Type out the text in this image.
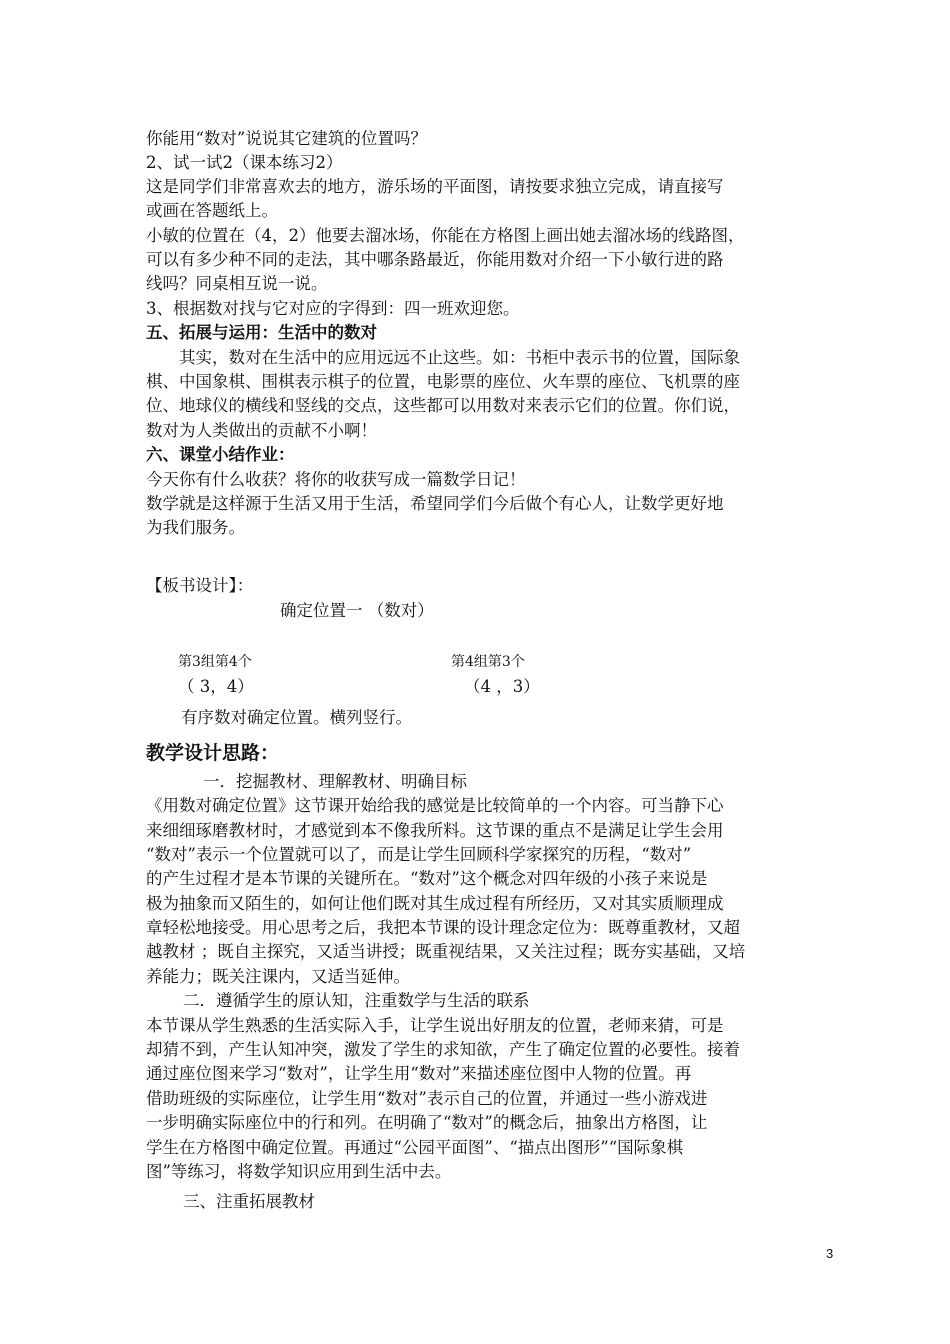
你能用“数对”说说其它建筑的位置吗？
2、试一试2（课本练习2）
这是同学们非常喜欢去的地方，游乐场的平面图，请按要求独立完成，请直接写
或画在答题纸上。
小敏的位置在（4，2）他要去溜冰场，你能在方格图上画出她去溜冰场的线路图，
可以有多少种不同的走法，其中哪条路最近，你能用数对介绍一下小敏行进的路
线吗？同桌相互说一说。
3、根据数对找与它对应的字得到：四一班欢迎您。
五、拓展与运用：生活中的数对
其实，数对在生活中的应用远远不止这些。如：书柜中表示书的位置，国际象
棋、中国象棋、围棋表示棋子的位置，电影票的座位、火车票的座位、飞机票的座
位、地球仪的横线和竖线的交点，这些都可以用数对来表示它们的位置。你们说，
数对为人类做出的贡献不小啊！
六、课堂小结作业：
今天你有什么收获？将你的收获写成一篇数学日记！
数学就是这样源于生活又用于生活，希望同学们今后做个有心人，让数学更好地
为我们服务。
【板书设计】：
确定位置一 （数对）
第3组第4个	第4组第3个
（ 3，4）	（4 ，3）
有序数对确定位置。横列竖行。
教学设计思路：
一．挖掘教材、理解教材、明确目标
《用数对确定位置》这节课开始给我的感觉是比较简单的一个内容。可当静下心
来细细琢磨教材时，才感觉到本不像我所料。这节课的重点不是满足让学生会用
“数对”表示一个位置就可以了，而是让学生回顾科学家探究的历程，“数对”
的产生过程才是本节课的关键所在。“数对”这个概念对四年级的小孩子来说是
极为抽象而又陌生的，如何让他们既对其生成过程有所经历，又对其实质顺理成
章轻松地接受。用心思考之后，我把本节课的设计理念定位为：既尊重教材，又超
越教材 ；既自主探究，又适当讲授；既重视结果，又关注过程；既夯实基础，又培
养能力；既关注课内，又适当延伸。
二．遵循学生的原认知，注重数学与生活的联系
本节课从学生熟悉的生活实际入手，让学生说出好朋友的位置，老师来猜，可是
却猜不到，产生认知冲突，激发了学生的求知欲，产生了确定位置的必要性。接着
通过座位图来学习“数对”，让学生用“数对”来描述座位图中人物的位置。再
借助班级的实际座位，让学生用“数对”表示自己的位置，并通过一些小游戏进
一步明确实际座位中的行和列。在明确了“数对”的概念后，抽象出方格图，让
学生在方格图中确定位置。再通过“公园平面图”、“描点出图形”“国际象棋
图”等练习，将数学知识应用到生活中去。
三、注重拓展教材
3
